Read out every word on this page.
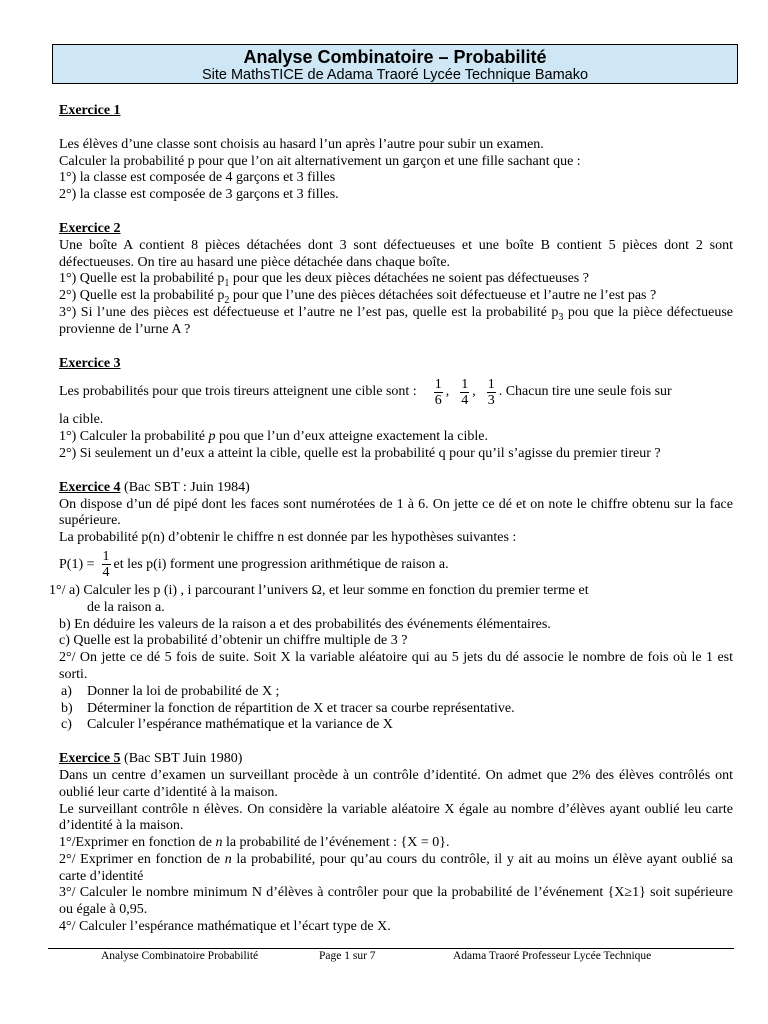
Analyse Combinatoire – Probabilité
Site MathsTICE de Adama Traoré Lycée Technique Bamako
Exercice 1
Les élèves d’une classe sont choisis au hasard l’un après l’autre pour subir un examen.
Calculer la probabilité p pour que l’on ait alternativement un garçon et une fille sachant que :
1°) la classe est composée de 4 garçons et 3 filles
2°) la classe est composée de 3 garçons et 3 filles.
Exercice 2
Une boîte A contient 8 pièces détachées dont 3 sont défectueuses et une boîte B contient 5 pièces dont 2 sont défectueuses. On tire au hasard une pièce détachée dans chaque boîte.
1°) Quelle est la probabilité $p_1$ pour que les deux pièces détachées ne soient pas défectueuses ?
2°) Quelle est la probabilité $p_2$ pour que l’une des pièces détachées soit défectueuse et l’autre ne l’est pas ?
3°) Si l’une des pièces est défectueuse et l’autre ne l’est pas, quelle est la probabilité $p_3$ pou que la pièce défectueuse provienne de l’urne A ?
Exercice 3
Les probabilités pour que trois tireurs atteignent une cible sont : $\frac{1}{6}$ , $\frac{1}{4}$ , $\frac{1}{3}$ . Chacun tire une seule fois sur
la cible.
1°) Calculer la probabilité p pou que l’un d’eux atteigne exactement la cible.
2°) Si seulement un d’eux a atteint la cible, quelle est la probabilité q pour qu’il s’agisse du premier tireur ?
Exercice 4 (Bac SBT : Juin 1984)
On dispose d’un dé pipé dont les faces sont numérotées de 1 à 6. On jette ce dé et on note le chiffre obtenu sur la face supérieure.
La probabilité p(n) d’obtenir le chiffre n est donnée par les hypothèses suivantes :
$P(1) = \frac{1}{4}$ et les p(i) forment une progression arithmétique de raison a.
1°/ a) Calculer les p (i) , i parcourant l’univers Ω, et leur somme en fonction du premier terme et
de la raison a.
b) En déduire les valeurs de la raison a et des probabilités des événements élémentaires.
c) Quelle est la probabilité d’obtenir un chiffre multiple de 3 ?
2°/ On jette ce dé 5 fois de suite. Soit X la variable aléatoire qui au 5 jets du dé associe le nombre de fois où le 1 est sorti.
a)	Donner la loi de probabilité de X ;
b)	Déterminer la fonction de répartition de X et tracer sa courbe représentative.
c)	Calculer l’espérance mathématique et la variance de X
Exercice 5 (Bac SBT Juin 1980)
Dans un centre d’examen un surveillant procède à un contrôle d’identité. On admet que 2% des élèves contrôlés ont oublié leur carte d’identité à la maison.
Le surveillant contrôle n élèves. On considère la variable aléatoire X égale au nombre d’élèves ayant oublié leu carte d’identité à la maison.
1°/Exprimer en fonction de n la probabilité de l’événement : {X = 0}.
2°/ Exprimer en fonction de n la probabilité, pour qu’au cours du contrôle, il y ait au moins un élève ayant oublié sa carte d’identité
3°/ Calculer le nombre minimum N d’élèves à contrôler pour que la probabilité de l’événement {X≥1} soit supérieure ou égale à 0,95.
4°/ Calculer l’espérance mathématique et l’écart type de X.
Analyse Combinatoire Probabilité	Page 1 sur 7	Adama Traoré Professeur Lycée Technique
